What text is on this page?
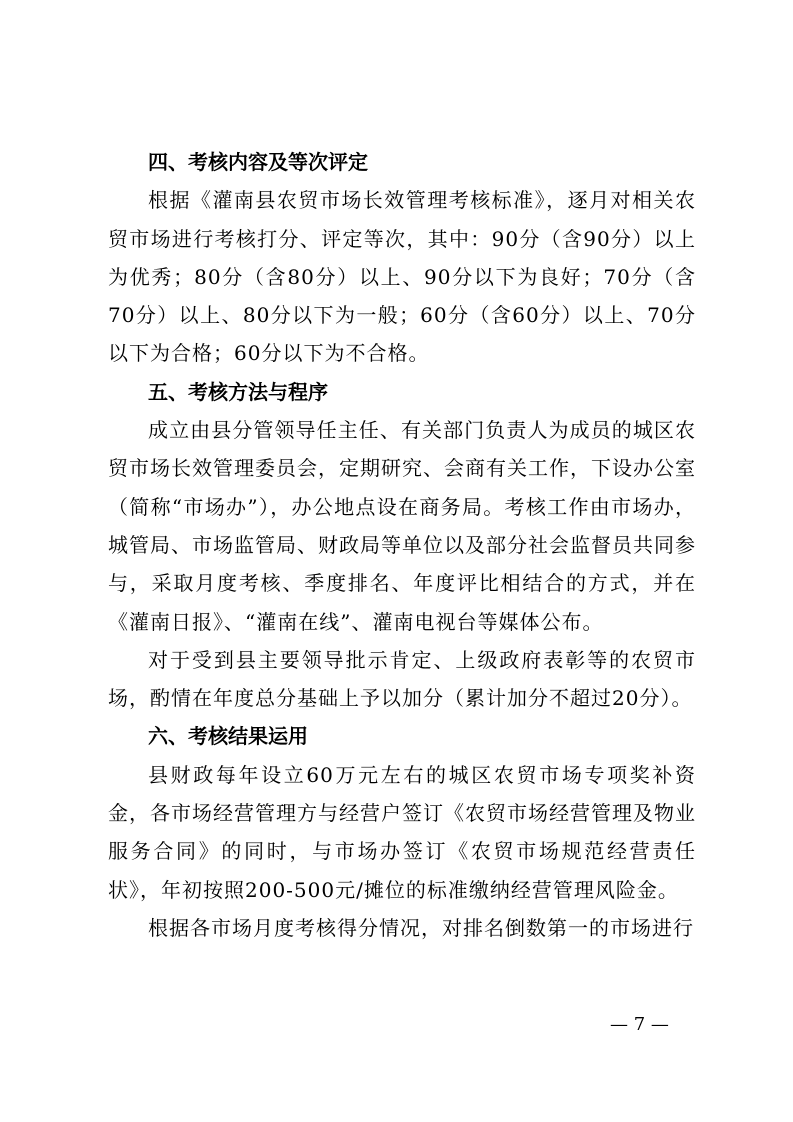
四、考核内容及等次评定

根据《灌南县农贸市场长效管理考核标准》，逐月对相关农贸市场进行考核打分、评定等次，其中：90分（含90分）以上为优秀；80分（含80分）以上、90分以下为良好；70分（含70分）以上、80分以下为一般；60分（含60分）以上、70分以下为合格；60分以下为不合格。

五、考核方法与程序

成立由县分管领导任主任、有关部门负责人为成员的城区农贸市场长效管理委员会，定期研究、会商有关工作，下设办公室（简称“市场办”），办公地点设在商务局。考核工作由市场办，城管局、市场监管局、财政局等单位以及部分社会监督员共同参与，采取月度考核、季度排名、年度评比相结合的方式，并在《灌南日报》、“灌南在线”、灌南电视台等媒体公布。

对于受到县主要领导批示肯定、上级政府表彰等的农贸市场，酌情在年度总分基础上予以加分（累计加分不超过20分）。

六、考核结果运用

县财政每年设立60万元左右的城区农贸市场专项奖补资金，各市场经营管理方与经营户签订《农贸市场经营管理及物业服务合同》的同时，与市场办签订《农贸市场规范经营责任状》，年初按照200-500元/摊位的标准缴纳经营管理风险金。

根据各市场月度考核得分情况，对排名倒数第一的市场进行

— 7 —
